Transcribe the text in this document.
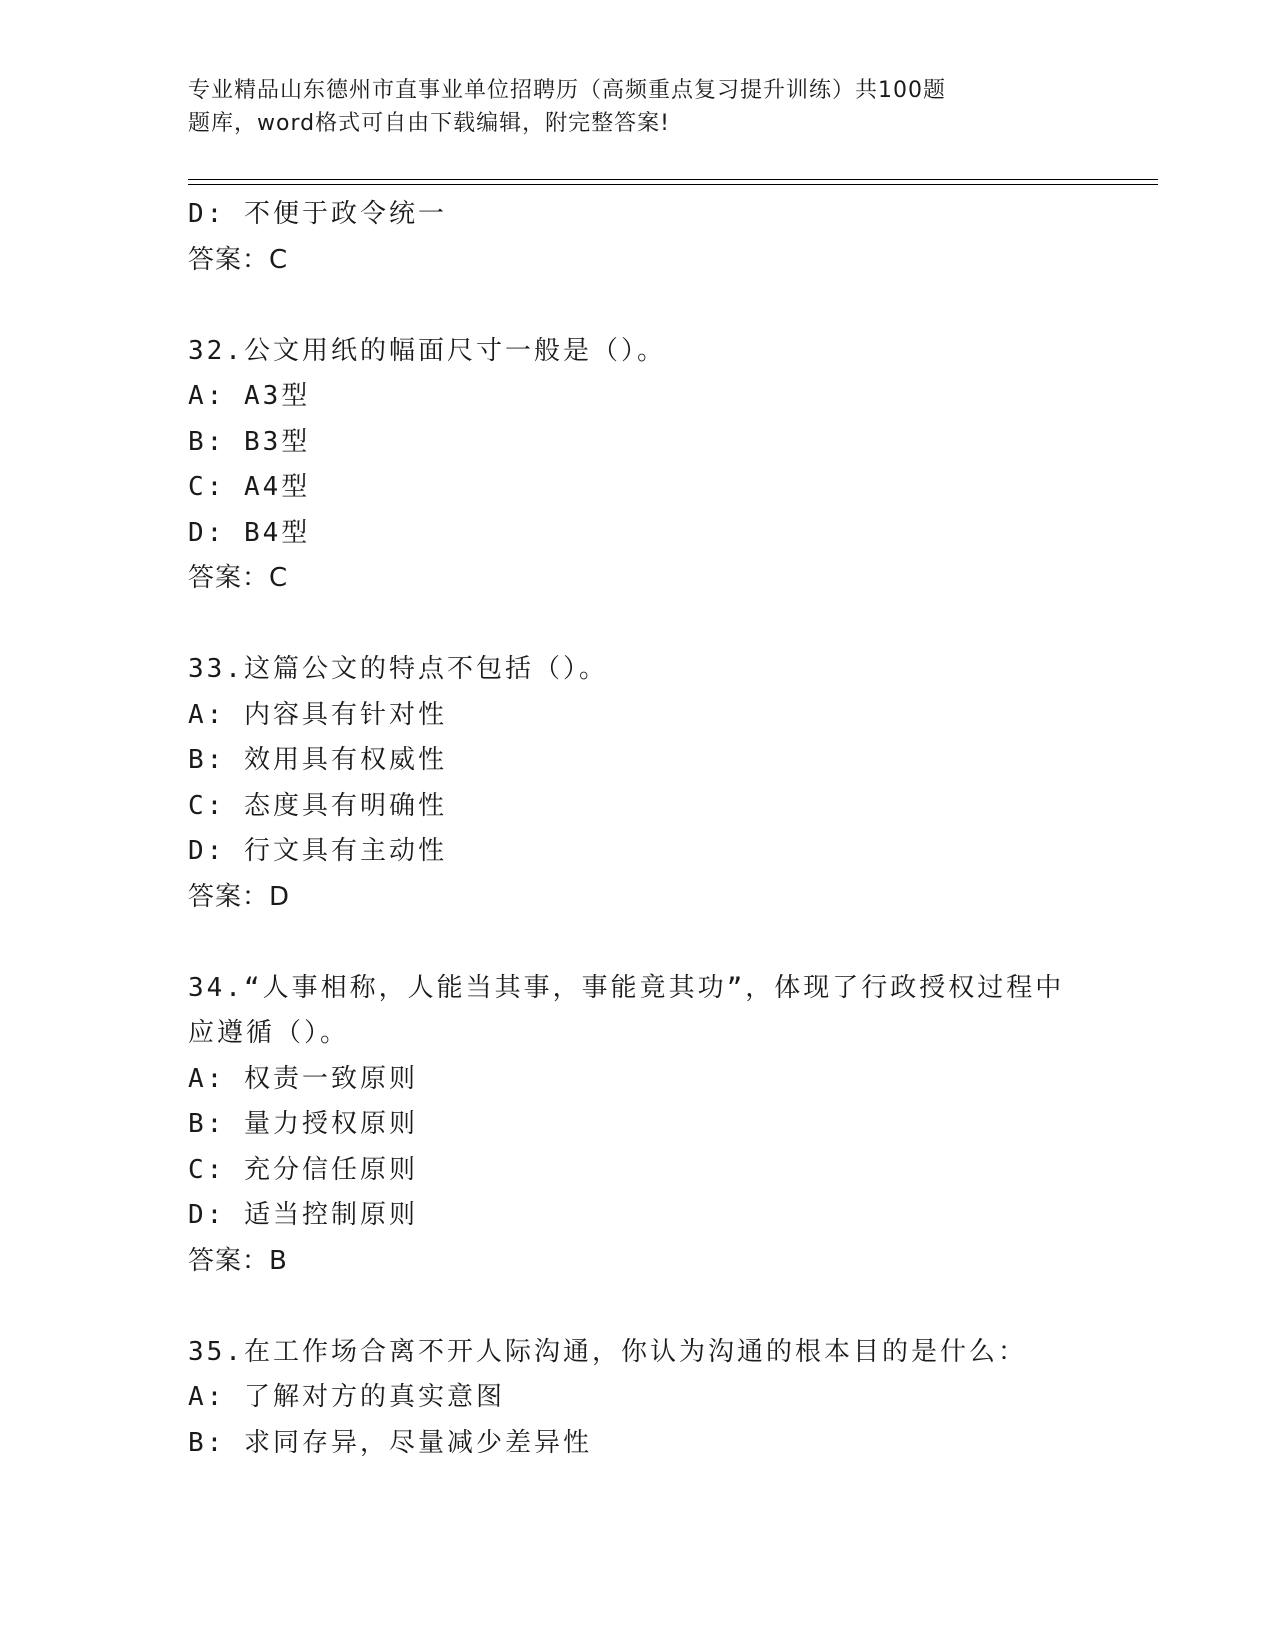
专业精品山东德州市直事业单位招聘历（高频重点复习提升训练）共100题
题库，word格式可自由下载编辑，附完整答案!
D: 不便于政令统一
答案：C
32.公文用纸的幅面尺寸一般是（）。
A: A3型
B: B3型
C: A4型
D: B4型
答案：C
33.这篇公文的特点不包括（）。
A: 内容具有针对性
B: 效用具有权威性
C: 态度具有明确性
D: 行文具有主动性
答案：D
34.“人事相称，人能当其事，事能竟其功”，体现了行政授权过程中
应遵循（）。
A: 权责一致原则
B: 量力授权原则
C: 充分信任原则
D: 适当控制原则
答案：B
35.在工作场合离不开人际沟通，你认为沟通的根本目的是什么：
A: 了解对方的真实意图
B: 求同存异，尽量减少差异性
